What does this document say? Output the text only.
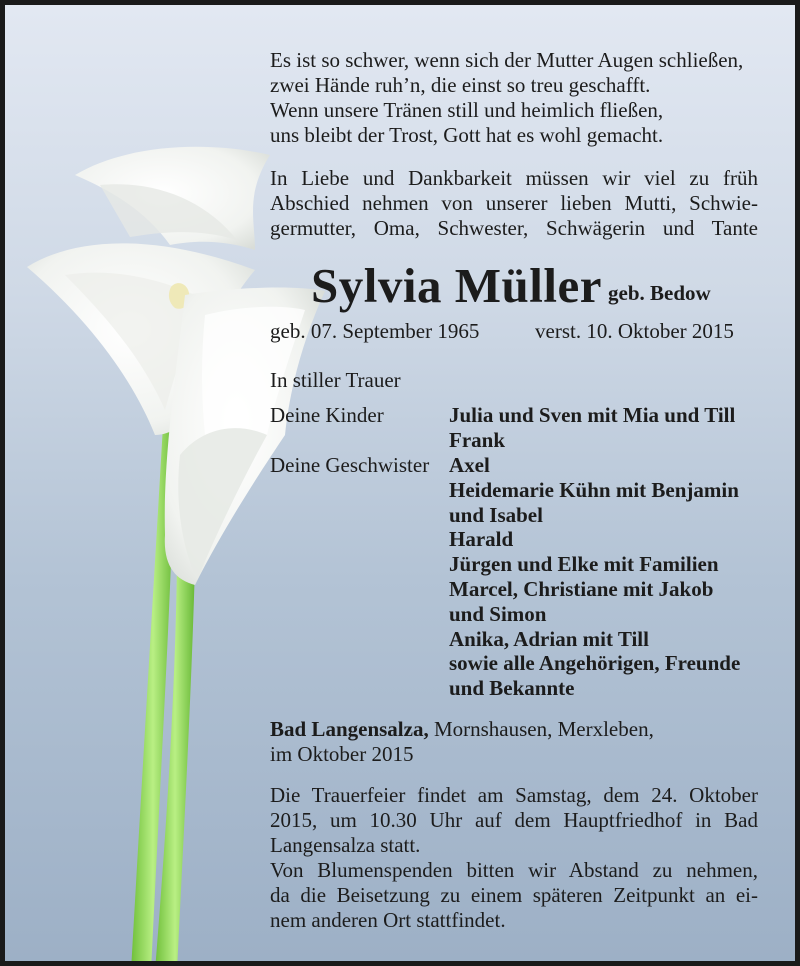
Es ist so schwer, wenn sich der Mutter Augen schließen,
zwei Hände ruh’n, die einst so treu geschafft.
Wenn unsere Tränen still und heimlich fließen,
uns bleibt der Trost, Gott hat es wohl gemacht.
In Liebe und Dankbarkeit müssen wir viel zu früh
Abschied nehmen von unserer lieben Mutti, Schwie-
germutter, Oma, Schwester, Schwägerin und Tante
Sylvia Müller geb. Bedow
geb. 07. September 1965	verst. 10. Oktober 2015
In stiller Trauer
Deine Kinder	Julia und Sven mit Mia und Till
Frank
Deine Geschwister Axel
Heidemarie Kühn mit Benjamin
und Isabel
Harald
Jürgen und Elke mit Familien
Marcel, Christiane mit Jakob
und Simon
Anika, Adrian mit Till
sowie alle Angehörigen, Freunde
und Bekannte
Bad Langensalza, Mornshausen, Merxleben,
im Oktober 2015
Die Trauerfeier findet am Samstag, dem 24. Oktober
2015, um 10.30 Uhr auf dem Hauptfriedhof in Bad
Langensalza statt.
Von Blumenspenden bitten wir Abstand zu nehmen,
da die Beisetzung zu einem späteren Zeitpunkt an ei-
nem anderen Ort stattfindet.
